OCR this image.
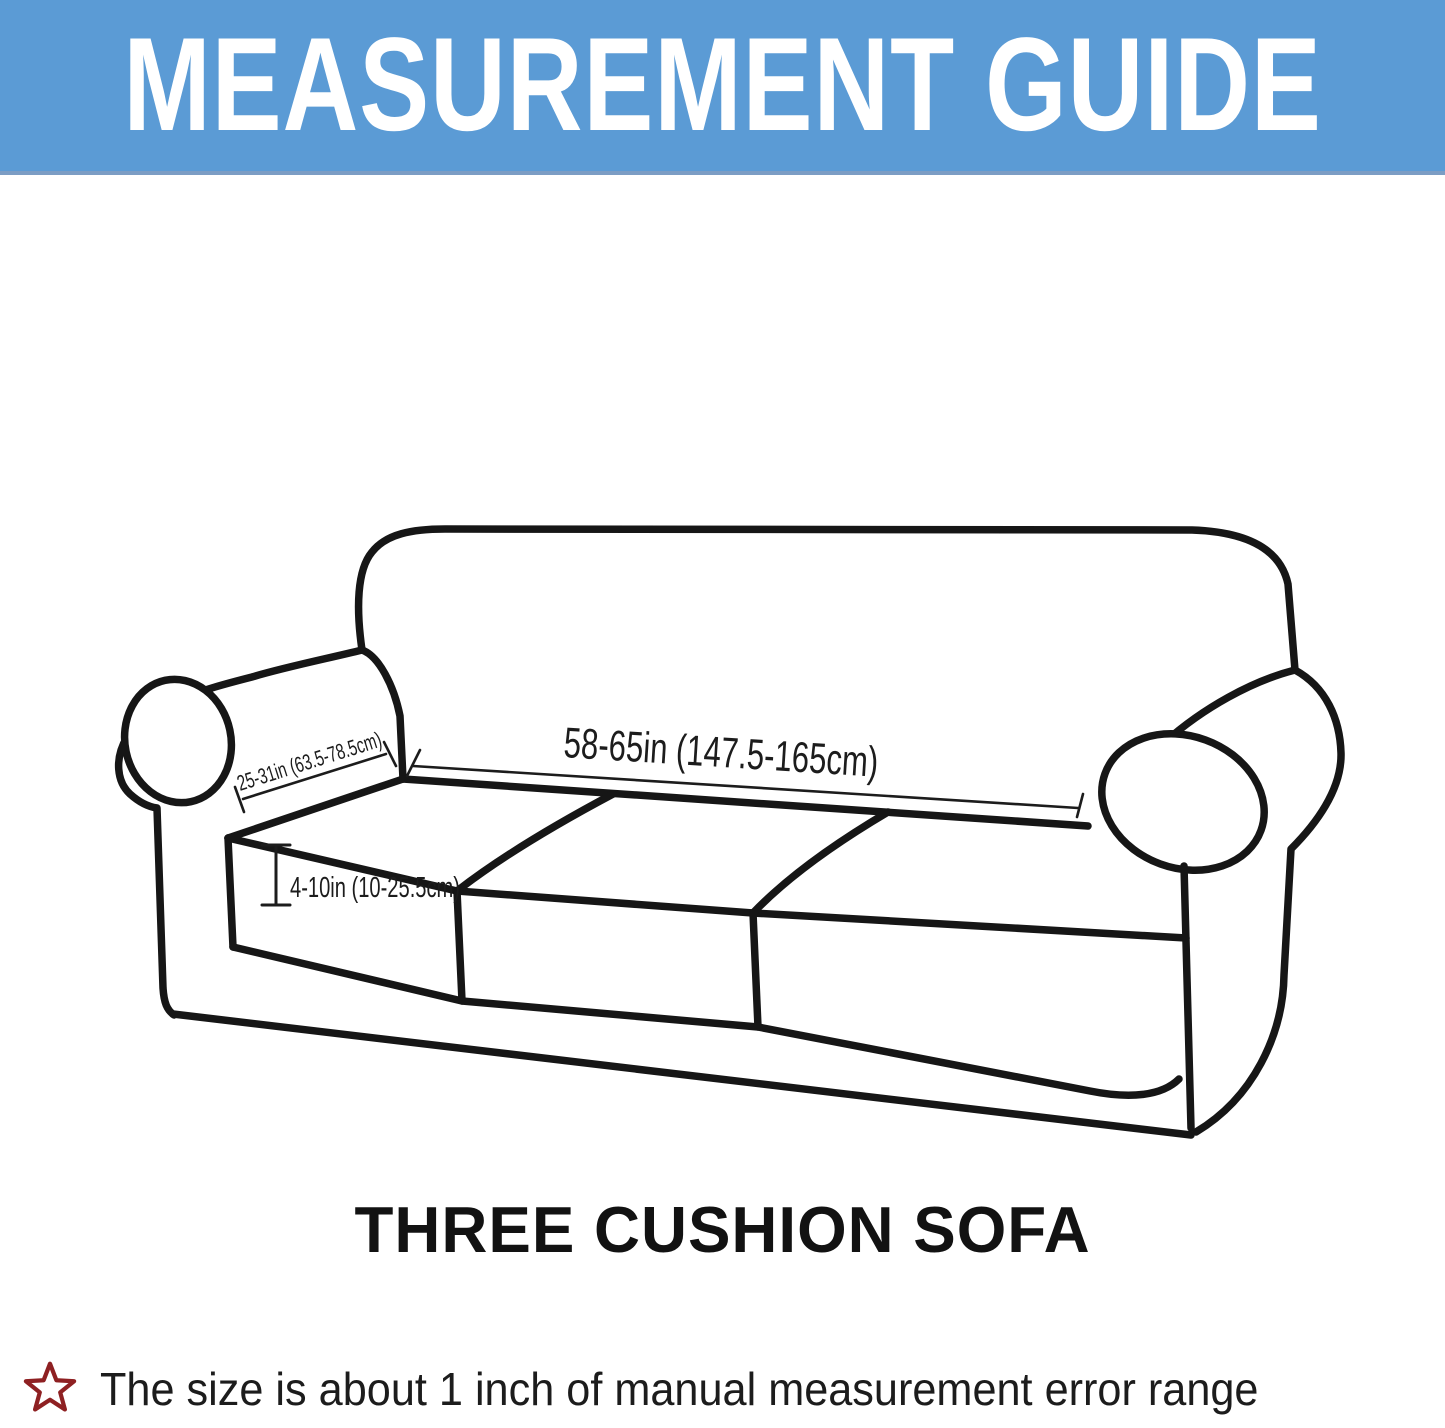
MEASUREMENT GUIDE
58-65in (147.5-165cm)
25-31in (63.5-78.5cm)
4-10in (10-25.5cm)
THREE CUSHION SOFA
The size is about 1 inch of manual measurement error range
